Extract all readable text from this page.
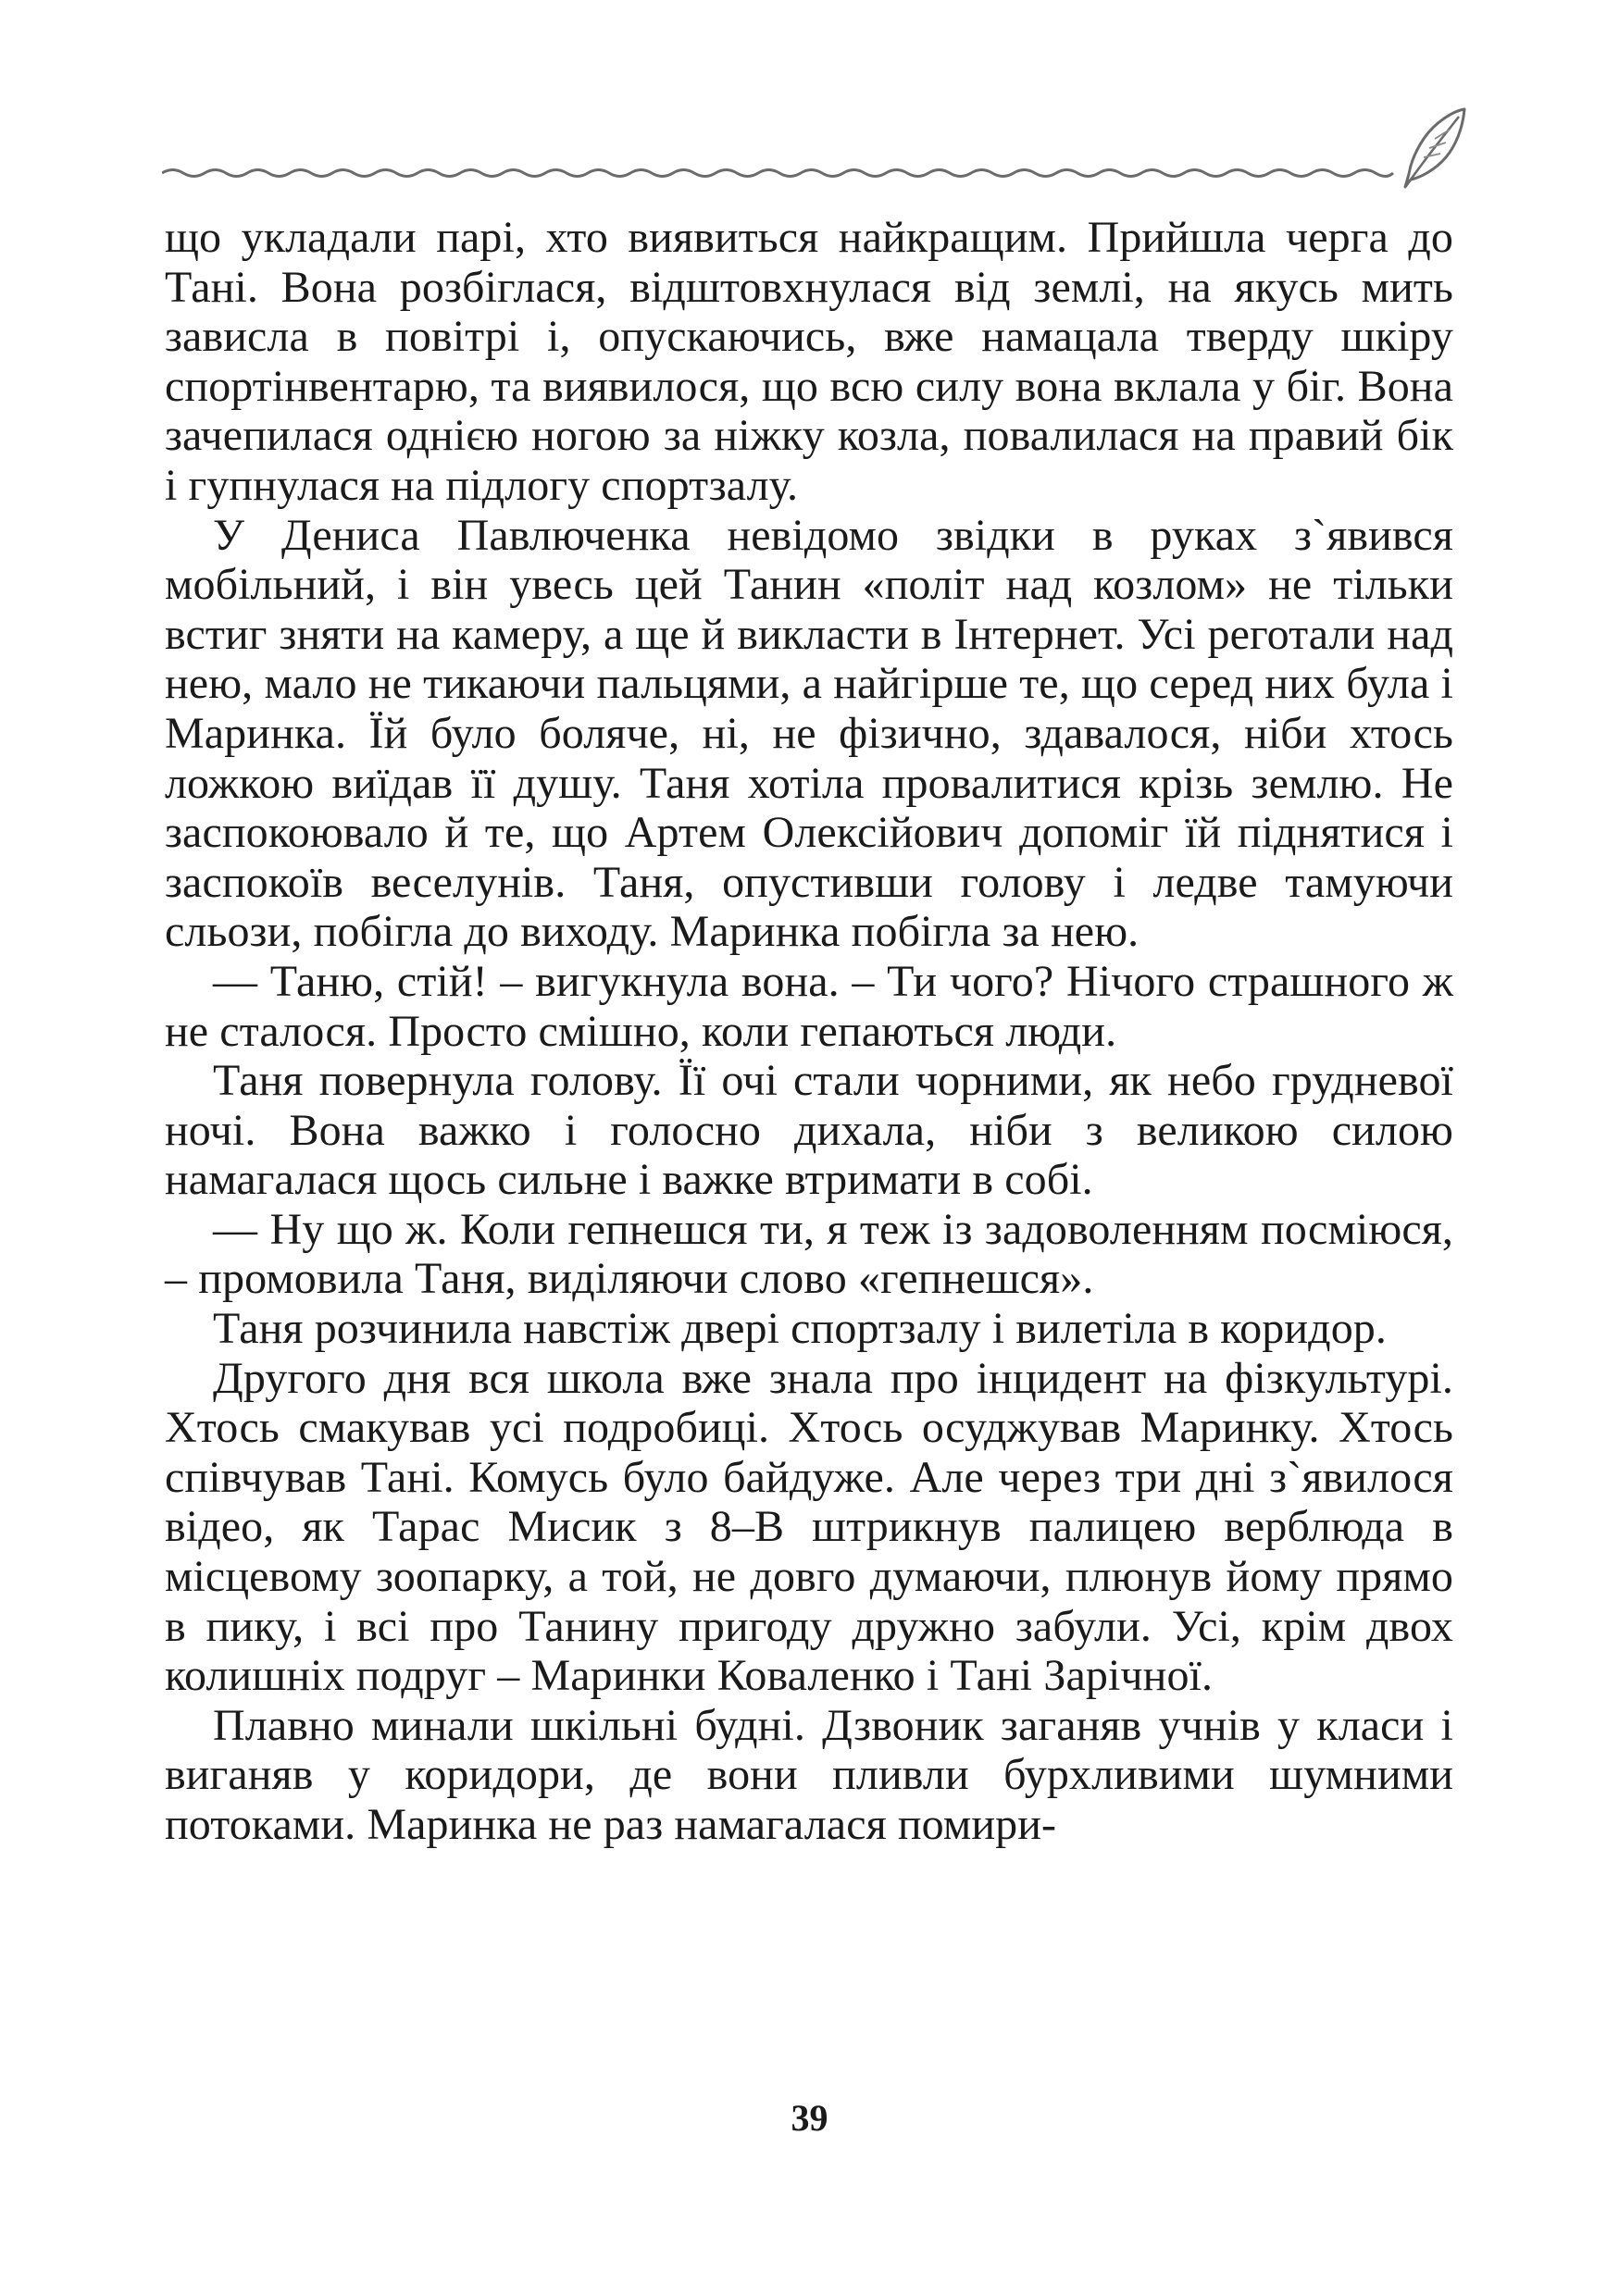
що укладали парі, хто виявиться найкращим. Прийшла черга до Тані. Вона розбіглася, відштовхнулася від землі, на якусь мить зависла в повітрі і, опускаючись, вже намацала тверду шкіру спортінвентарю, та виявилося, що всю силу вона вклала у біг. Вона зачепилася однією ногою за ніжку козла, повалилася на правий бік і гупнулася на підлогу спортзалу.

У Дениса Павлюченка невідомо звідки в руках з`явився мобільний, і він увесь цей Танин «політ над козлом» не тільки встиг зняти на камеру, а ще й викласти в Інтернет. Усі реготали над нею, мало не тикаючи пальцями, а найгірше те, що серед них була і Маринка. Їй було боляче, ні, не фізично, здавалося, ніби хтось ложкою виїдав її душу. Таня хотіла провалитися крізь землю. Не заспокоювало й те, що Артем Олексійович допоміг їй піднятися і заспокоїв веселунів. Таня, опустивши голову і ледве тамуючи сльози, побігла до виходу. Маринка побігла за нею.

— Таню, стій! – вигукнула вона. – Ти чого? Нічого страшного ж не сталося. Просто смішно, коли гепаються люди.

Таня повернула голову. Її очі стали чорними, як небо грудневої ночі. Вона важко і голосно дихала, ніби з великою силою намагалася щось сильне і важке втримати в собі.

— Ну що ж. Коли гепнешся ти, я теж із задоволенням посміюся, – промовила Таня, виділяючи слово «гепнешся».

Таня розчинила навстіж двері спортзалу і вилетіла в коридор.

Другого дня вся школа вже знала про інцидент на фізкультурі. Хтось смакував усі подробиці. Хтось осуджував Маринку. Хтось співчував Тані. Комусь було байдуже. Але через три дні з`явилося відео, як Тарас Мисик з 8–В штрикнув палицею верблюда в місцевому зоопарку, а той, не довго думаючи, плюнув йому прямо в пику, і всі про Танину пригоду дружно забули. Усі, крім двох колишніх подруг – Маринки Коваленко і Тані Зарічної.

Плавно минали шкільні будні. Дзвоник заганяв учнів у класи і виганяв у коридори, де вони пливли бурхливими шумними потоками. Маринка не раз намагалася помири-

39
